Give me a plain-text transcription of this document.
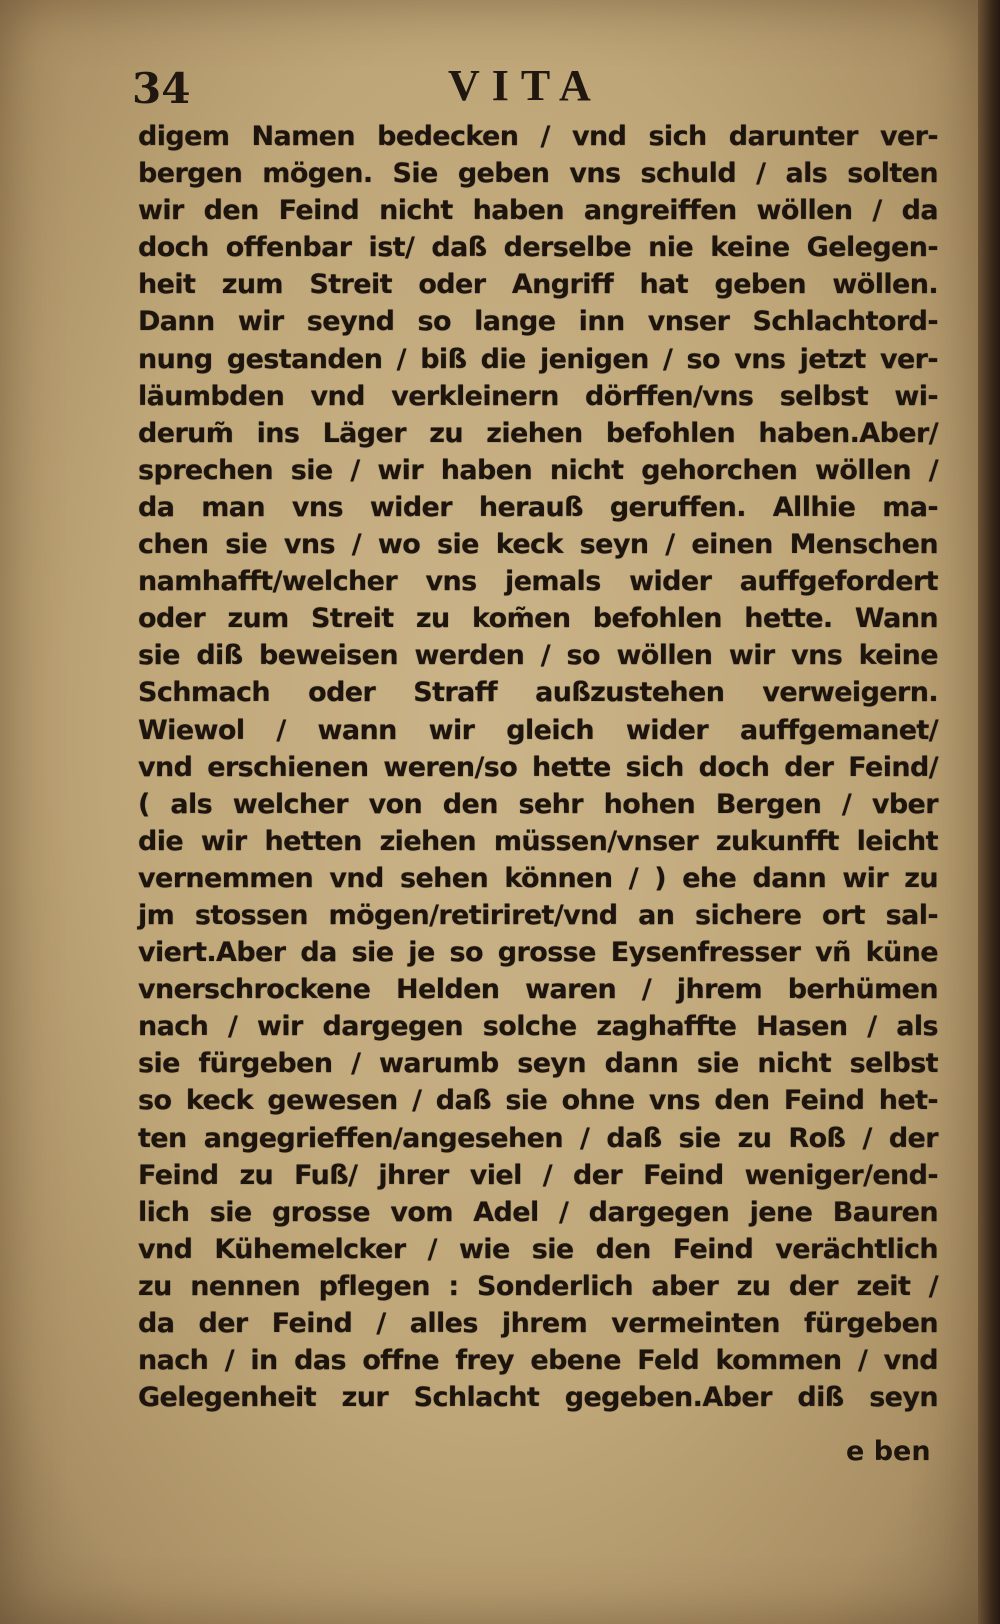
34	VITA
digem Namen bedecken / vnd sich darunter ver-
bergen mögen. Sie geben vns schuld / als solten
wir den Feind nicht haben angreiffen wöllen / da
doch offenbar ist/ daß derselbe nie keine Gelegen-
heit zum Streit oder Angriff hat geben wöllen.
Dann wir seynd so lange inn vnser Schlachtord-
nung gestanden / biß die jenigen / so vns jetzt ver-
läumbden vnd verkleinern dörffen/vns selbst wi-
derum̃ ins Läger zu ziehen befohlen haben.Aber/
sprechen sie / wir haben nicht gehorchen wöllen /
da man vns wider herauß geruffen. Allhie ma-
chen sie vns / wo sie keck seyn / einen Menschen
namhafft/welcher vns jemals wider auffgefordert
oder zum Streit zu kom̃en befohlen hette. Wann
sie diß beweisen werden / so wöllen wir vns keine
Schmach oder Straff außzustehen verweigern.
Wiewol / wann wir gleich wider auffgemanet/
vnd erschienen weren/so hette sich doch der Feind/
( als welcher von den sehr hohen Bergen / vber
die wir hetten ziehen müssen/vnser zukunfft leicht
vernemmen vnd sehen können / ) ehe dann wir zu
jm stossen mögen/retiriret/vnd an sichere ort sal-
viert.Aber da sie je so grosse Eysenfresser vñ küne
vnerschrockene Helden waren / jhrem berhümen
nach / wir dargegen solche zaghaffte Hasen / als
sie fürgeben / warumb seyn dann sie nicht selbst
so keck gewesen / daß sie ohne vns den Feind het-
ten angegrieffen/angesehen / daß sie zu Roß / der
Feind zu Fuß/ jhrer viel / der Feind weniger/end-
lich sie grosse vom Adel / dargegen jene Bauren
vnd Kühemelcker / wie sie den Feind verächtlich
zu nennen pflegen : Sonderlich aber zu der zeit /
da der Feind / alles jhrem vermeinten fürgeben
nach / in das offne frey ebene Feld kommen / vnd
Gelegenheit zur Schlacht gegeben.Aber diß seyn
e ben
